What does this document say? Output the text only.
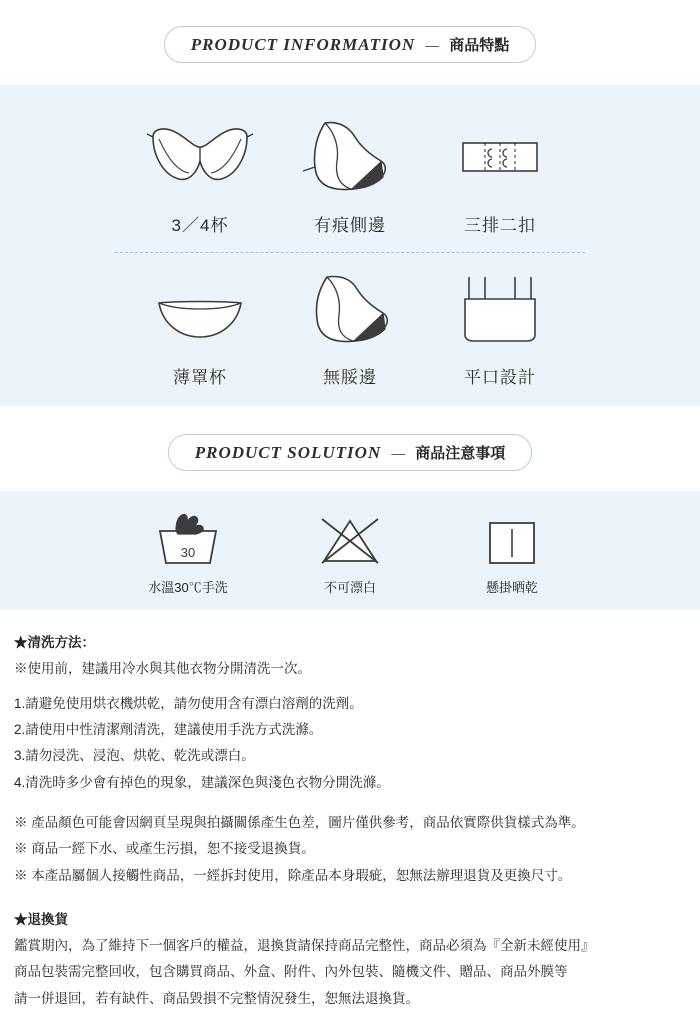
PRODUCT INFORMATION — 商品特點
3／4杯	有痕側邊	三排二扣
薄罩杯	無脮邊	平口設計
PRODUCT SOLUTION — 商品注意事項
30
水溫30℃手洗	不可漂白	懸掛晒乾
★清洗方法：
※使用前，建議用冷水與其他衣物分開清洗一次。
1.請避免使用烘衣機烘乾，請勿使用含有漂白溶劑的洗劑。
2.請使用中性清潔劑清洗，建議使用手洗方式洗滌。
3.請勿浸洗、浸泡、烘乾、乾洗或漂白。
4.清洗時多少會有掉色的現象，建議深色與淺色衣物分開洗滌。
※ 產品顏色可能會因網頁呈現與拍攝關係產生色差，圖片僅供參考，商品依實際供貨樣式為準。
※ 商品一經下水、或產生污損，恕不接受退換貨。
※ 本產品屬個人接觸性商品，一經拆封使用，除產品本身瑕疵，恕無法辦理退貨及更換尺寸。
★退換貨
鑑賞期內，為了維持下一個客戶的權益，退換貨請保持商品完整性，商品必須為『全新未經使用』
商品包裝需完整回收，包含購買商品、外盒、附件、內外包裝、隨機文件、贈品、商品外膜等
請一併退回，若有缺件、商品毀損不完整情況發生，恕無法退換貨。
